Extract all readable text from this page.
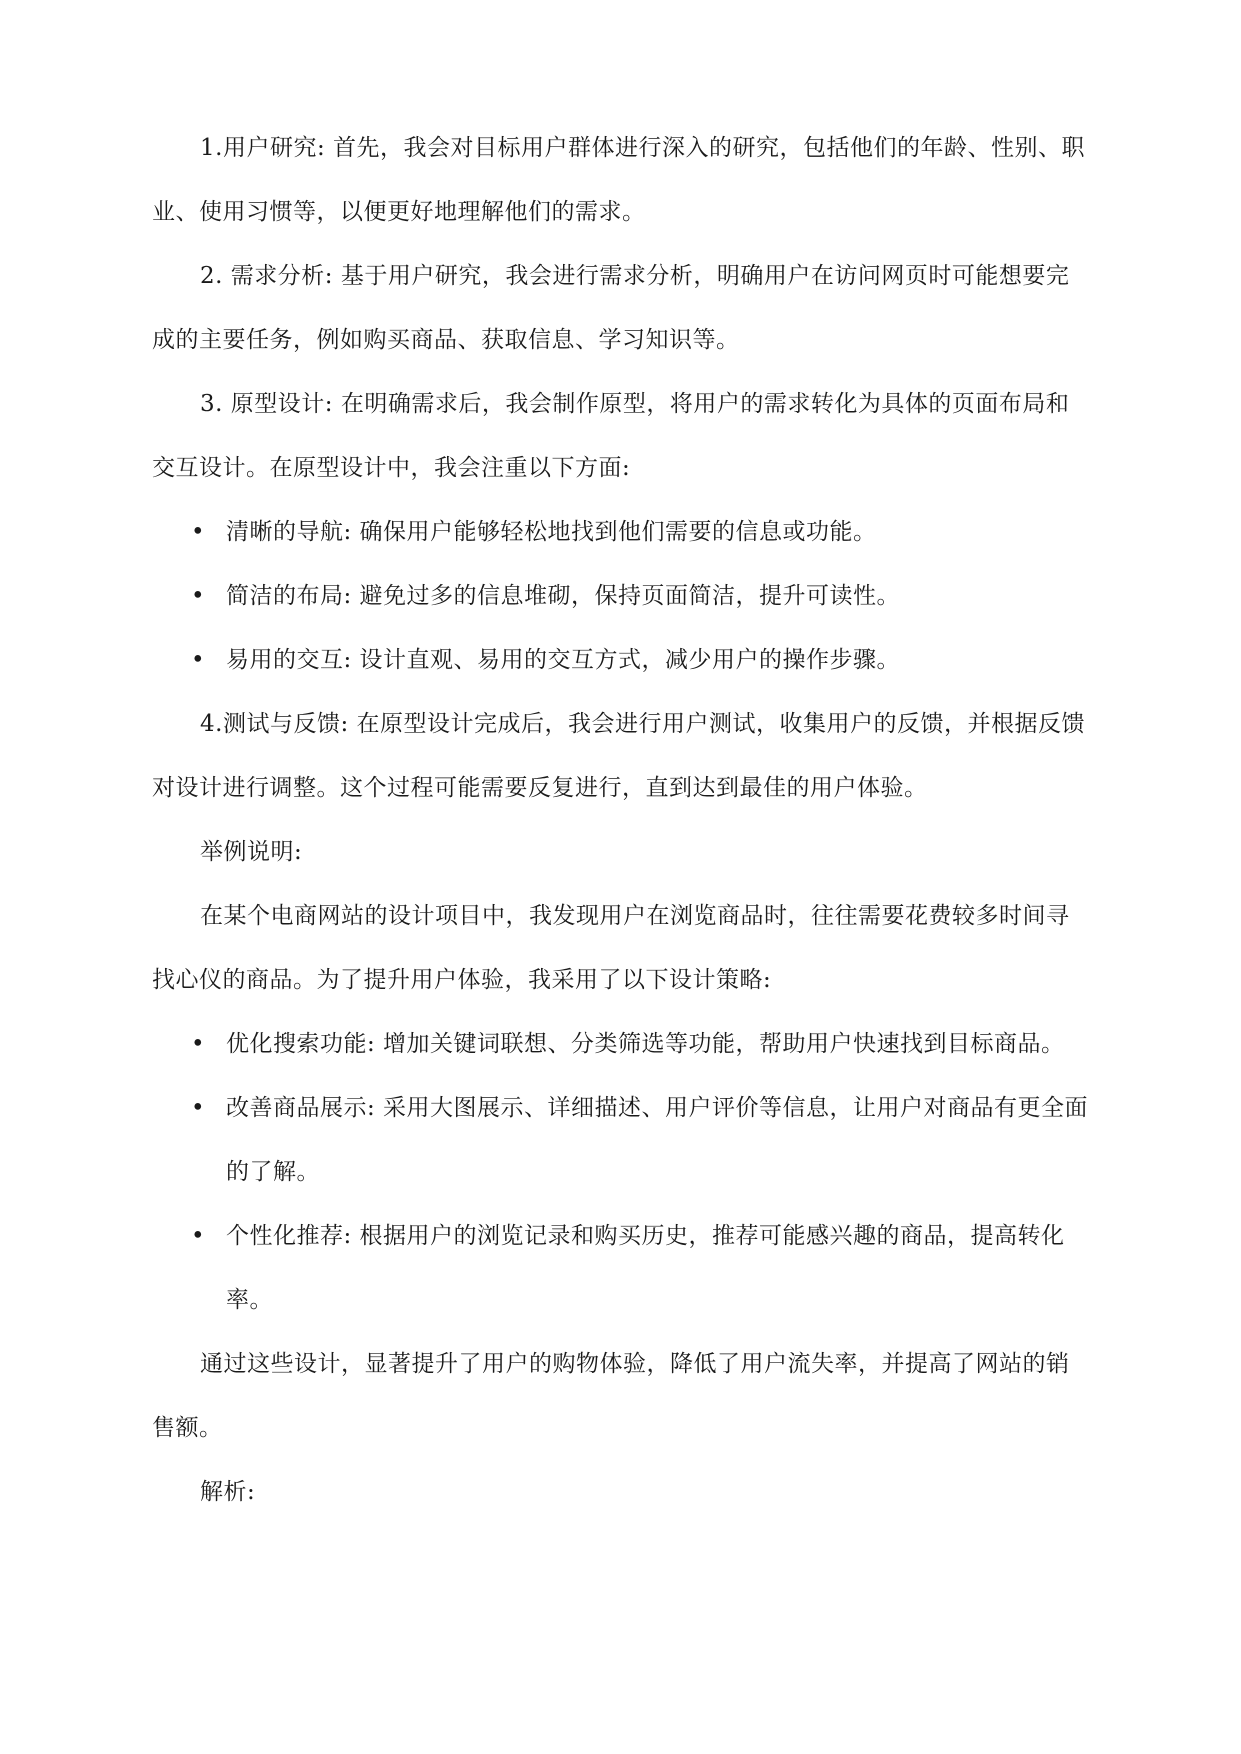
1.用户研究: 首先，我会对目标用户群体进行深入的研究，包括他们的年龄、性别、职业、使用习惯等，以便更好地理解他们的需求。

2. 需求分析: 基于用户研究，我会进行需求分析，明确用户在访问网页时可能想要完成的主要任务，例如购买商品、获取信息、学习知识等。

3. 原型设计: 在明确需求后，我会制作原型，将用户的需求转化为具体的页面布局和交互设计。在原型设计中，我会注重以下方面:

• 清晰的导航: 确保用户能够轻松地找到他们需要的信息或功能。
• 简洁的布局: 避免过多的信息堆砌，保持页面简洁，提升可读性。
• 易用的交互: 设计直观、易用的交互方式，减少用户的操作步骤。

4.测试与反馈: 在原型设计完成后，我会进行用户测试，收集用户的反馈，并根据反馈对设计进行调整。这个过程可能需要反复进行，直到达到最佳的用户体验。

举例说明:

在某个电商网站的设计项目中，我发现用户在浏览商品时，往往需要花费较多时间寻找心仪的商品。为了提升用户体验，我采用了以下设计策略:

• 优化搜索功能: 增加关键词联想、分类筛选等功能，帮助用户快速找到目标商品。
• 改善商品展示: 采用大图展示、详细描述、用户评价等信息，让用户对商品有更全面的了解。
• 个性化推荐: 根据用户的浏览记录和购买历史，推荐可能感兴趣的商品，提高转化率。

通过这些设计，显著提升了用户的购物体验，降低了用户流失率，并提高了网站的销售额。

解析:
